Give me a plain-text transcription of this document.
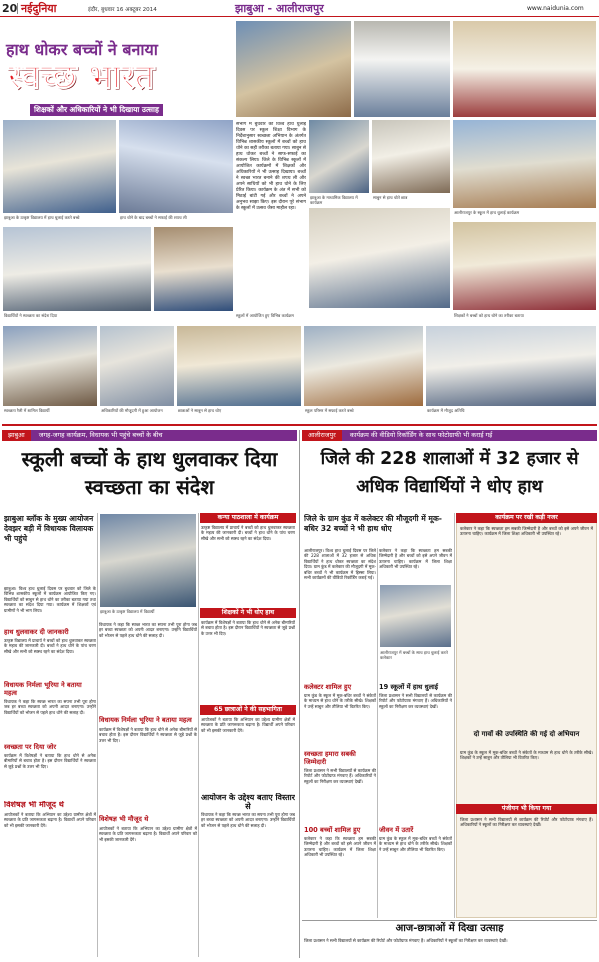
20 नईदुनिया	इंदौर, बुधवार 16 अक्टूबर 2014	झाबुआ - आलीराजपुर	www.naidunia.com
हाथ धोकर बच्चों ने बनाया
स्वच्छ भारत
शिक्षकों और अधिकारियों ने भी दिखाया उत्साह
संभाग में बुधवार को विश्व हाथ धुलाई दिवस पर स्कूल शिक्षा विभाग के निर्देशानुसार स्वच्छता अभियान के अंतर्गत विभिन्न शासकीय स्कूलों में बच्चों को हाथ धोने का सही तरीका बताया गया। साबुन से हाथ धोकर बच्चों ने साफ-सफाई का संकल्प लिया। जिले के विभिन्न स्कूलों में आयोजित कार्यक्रमों में शिक्षकों और अधिकारियों ने भी उत्साह दिखाया। बच्चों ने स्वच्छ भारत बनाने की शपथ ली और अपने साथियों को भी हाथ धोने के लिए प्रेरित किया। कार्यक्रम के अंत में सभी को मिठाई बांटी गई और बच्चों ने अपने अनुभव साझा किए। इस दौरान पूरे संभाग के स्कूलों में उत्सव जैसा माहौल रहा।
झाबुआ के उत्कृष्ट विद्यालय में हाथ धुलाई करते बच्चे	हाथ धोने के बाद बच्चों ने सफाई की शपथ ली
झाबुआ के माध्यमिक विद्यालय में कार्यक्रम
साबुन से हाथ धोते छात्र
आलीराजपुर के स्कूल में हाथ धुलाई कार्यक्रम
विद्यार्थियों ने स्वच्छता का संदेश दिया	स्कूलों में आयोजित हुए विभिन्न कार्यक्रम	शिक्षकों ने बच्चों को हाथ धोने का तरीका बताया
स्वच्छता रैली में शामिल विद्यार्थी	अधिकारियों की मौजूदगी में हुआ आयोजन	छात्राओं ने साबुन से हाथ धोए	स्कूल परिसर में सफाई करते बच्चे	कार्यक्रम में मौजूद अतिथि
झाबुआ जगह-जगह कार्यक्रम, विधायक भी पहुंचे बच्चों के बीच
स्कूली बच्चों के हाथ धुलवाकर दिया स्वच्छता का संदेश
झाबुआ ब्लॉक के मुख्य आयोजन देवझर बड़ी में विधायक विलायक भी पहुंचे
झाबुआ के उत्कृष्ट विद्यालय में विद्यार्थी
झाबुआ। विश्व हाथ धुलाई दिवस पर बुधवार को जिले के विभिन्न शासकीय स्कूलों में कार्यक्रम आयोजित किए गए। विद्यार्थियों को साबुन से हाथ धोने का तरीका बताया गया तथा स्वच्छता का संदेश दिया गया। कार्यक्रम में शिक्षकों एवं ग्रामीणों ने भी भाग लिया।
हाथ धुलवाकर दी जानकारी
उत्कृष्ट विद्यालय में प्राचार्य ने बच्चों को हाथ धुलवाकर स्वच्छता के महत्व की जानकारी दी। बच्चों ने हाथ धोने के पांच चरण सीखे और सभी को स्वस्थ रहने का संदेश दिया।
विधायक निर्मला भूरिया ने बताया महत्व
विधायक ने कहा कि स्वच्छ भारत का सपना तभी पूरा होगा जब हर बच्चा स्वच्छता को अपनी आदत बनाएगा। उन्होंने विद्यार्थियों को भोजन से पहले हाथ धोने की सलाह दी।
स्वच्छता पर दिया जोर
कार्यक्रम में विशेषज्ञों ने बताया कि हाथ धोने से अनेक बीमारियों से बचाव होता है। इस दौरान विद्यार्थियों ने स्वच्छता से जुड़े प्रश्नों के उत्तर भी दिए।
विशेषज्ञ भी मौजूद थे
आयोजकों ने बताया कि अभियान का उद्देश्य ग्रामीण क्षेत्रों में स्वच्छता के प्रति जागरूकता बढ़ाना है। विद्यार्थी अपने परिवार को भी इसकी जानकारी देंगे।
विधायक ने कहा कि स्वच्छ भारत का सपना तभी पूरा होगा जब हर बच्चा स्वच्छता को अपनी आदत बनाएगा। उन्होंने विद्यार्थियों को भोजन से पहले हाथ धोने की सलाह दी।
विधायक निर्मला भूरिया ने बताया महत्व
कार्यक्रम में विशेषज्ञों ने बताया कि हाथ धोने से अनेक बीमारियों से बचाव होता है। इस दौरान विद्यार्थियों ने स्वच्छता से जुड़े प्रश्नों के उत्तर भी दिए।
विशेषज्ञ भी मौजूद थे
आयोजकों ने बताया कि अभियान का उद्देश्य ग्रामीण क्षेत्रों में स्वच्छता के प्रति जागरूकता बढ़ाना है। विद्यार्थी अपने परिवार को भी इसकी जानकारी देंगे।
कन्या पाठशाला में कार्यक्रम
उत्कृष्ट विद्यालय में प्राचार्य ने बच्चों को हाथ धुलवाकर स्वच्छता के महत्व की जानकारी दी। बच्चों ने हाथ धोने के पांच चरण सीखे और सभी को स्वस्थ रहने का संदेश दिया।
शिक्षकों ने भी धोए हाथ
कार्यक्रम में विशेषज्ञों ने बताया कि हाथ धोने से अनेक बीमारियों से बचाव होता है। इस दौरान विद्यार्थियों ने स्वच्छता से जुड़े प्रश्नों के उत्तर भी दिए।
65 छात्राओं ने की सहभागिता
आयोजकों ने बताया कि अभियान का उद्देश्य ग्रामीण क्षेत्रों में स्वच्छता के प्रति जागरूकता बढ़ाना है। विद्यार्थी अपने परिवार को भी इसकी जानकारी देंगे।
आयोजन के उद्देश्य बताए विस्तार से
विधायक ने कहा कि स्वच्छ भारत का सपना तभी पूरा होगा जब हर बच्चा स्वच्छता को अपनी आदत बनाएगा। उन्होंने विद्यार्थियों को भोजन से पहले हाथ धोने की सलाह दी।
आलीराजपुर कार्यक्रम की वीडियो रिकॉर्डिंग के साथ फोटोग्राफी भी कराई गई
जिले की 228 शालाओं में 32 हजार से अधिक विद्यार्थियों ने धोए हाथ
जिले के ग्राम कुंड में कलेक्टर की मौजूदगी में मूक-बधिर 32 बच्चों ने भी हाथ धोए
आलीराजपुर। विश्व हाथ धुलाई दिवस पर जिले की 228 शालाओं में 32 हजार से अधिक विद्यार्थियों ने हाथ धोकर स्वच्छता का संदेश दिया। ग्राम कुंड में कलेक्टर की मौजूदगी में मूक-बधिर बच्चों ने भी कार्यक्रम में हिस्सा लिया। सभी कार्यक्रमों की वीडियो रिकॉर्डिंग कराई गई।
कलेक्टर ने कहा कि स्वच्छता हम सबकी जिम्मेदारी है और बच्चों को इसे अपने जीवन में उतारना चाहिए। कार्यक्रम में जिला शिक्षा अधिकारी भी उपस्थित रहे।
कलेक्टर शामिल हुए
ग्राम कुंड के स्कूल में मूक-बधिर बच्चों ने संकेतों के माध्यम से हाथ धोने के तरीके सीखे। शिक्षकों ने उन्हें साबुन और तौलिया भी वितरित किए।
स्वच्छता हमारा सबकी जिम्मेदारी
जिला प्रशासन ने सभी विद्यालयों से कार्यक्रम की रिपोर्ट और फोटोग्राफ मंगवाए हैं। अधिकारियों ने स्कूलों का निरीक्षण कर व्यवस्थाएं देखीं।
100 बच्चों शामिल हुए
कलेक्टर ने कहा कि स्वच्छता हम सबकी जिम्मेदारी है और बच्चों को इसे अपने जीवन में उतारना चाहिए। कार्यक्रम में जिला शिक्षा अधिकारी भी उपस्थित रहे।
आलीराजपुर में बच्चों के साथ हाथ धुलाई करते कलेक्टर
19 स्कूलों में हाथ धुलाई
जिला प्रशासन ने सभी विद्यालयों से कार्यक्रम की रिपोर्ट और फोटोग्राफ मंगवाए हैं। अधिकारियों ने स्कूलों का निरीक्षण कर व्यवस्थाएं देखीं।
जीवन में उतारें
ग्राम कुंड के स्कूल में मूक-बधिर बच्चों ने संकेतों के माध्यम से हाथ धोने के तरीके सीखे। शिक्षकों ने उन्हें साबुन और तौलिया भी वितरित किए।
कार्यक्रम पर रखी कड़ी नजर
कलेक्टर ने कहा कि स्वच्छता हम सबकी जिम्मेदारी है और बच्चों को इसे अपने जीवन में उतारना चाहिए। कार्यक्रम में जिला शिक्षा अधिकारी भी उपस्थित रहे।
दो गावों की उपस्थिति की गई दो अभियान
ग्राम कुंड के स्कूल में मूक-बधिर बच्चों ने संकेतों के माध्यम से हाथ धोने के तरीके सीखे। शिक्षकों ने उन्हें साबुन और तौलिया भी वितरित किए।
पंजीयन भी किया गया
जिला प्रशासन ने सभी विद्यालयों से कार्यक्रम की रिपोर्ट और फोटोग्राफ मंगवाए हैं। अधिकारियों ने स्कूलों का निरीक्षण कर व्यवस्थाएं देखीं।
आज-छात्राओं में दिखा उत्साह
जिला प्रशासन ने सभी विद्यालयों से कार्यक्रम की रिपोर्ट और फोटोग्राफ मंगवाए हैं। अधिकारियों ने स्कूलों का निरीक्षण कर व्यवस्थाएं देखीं।
